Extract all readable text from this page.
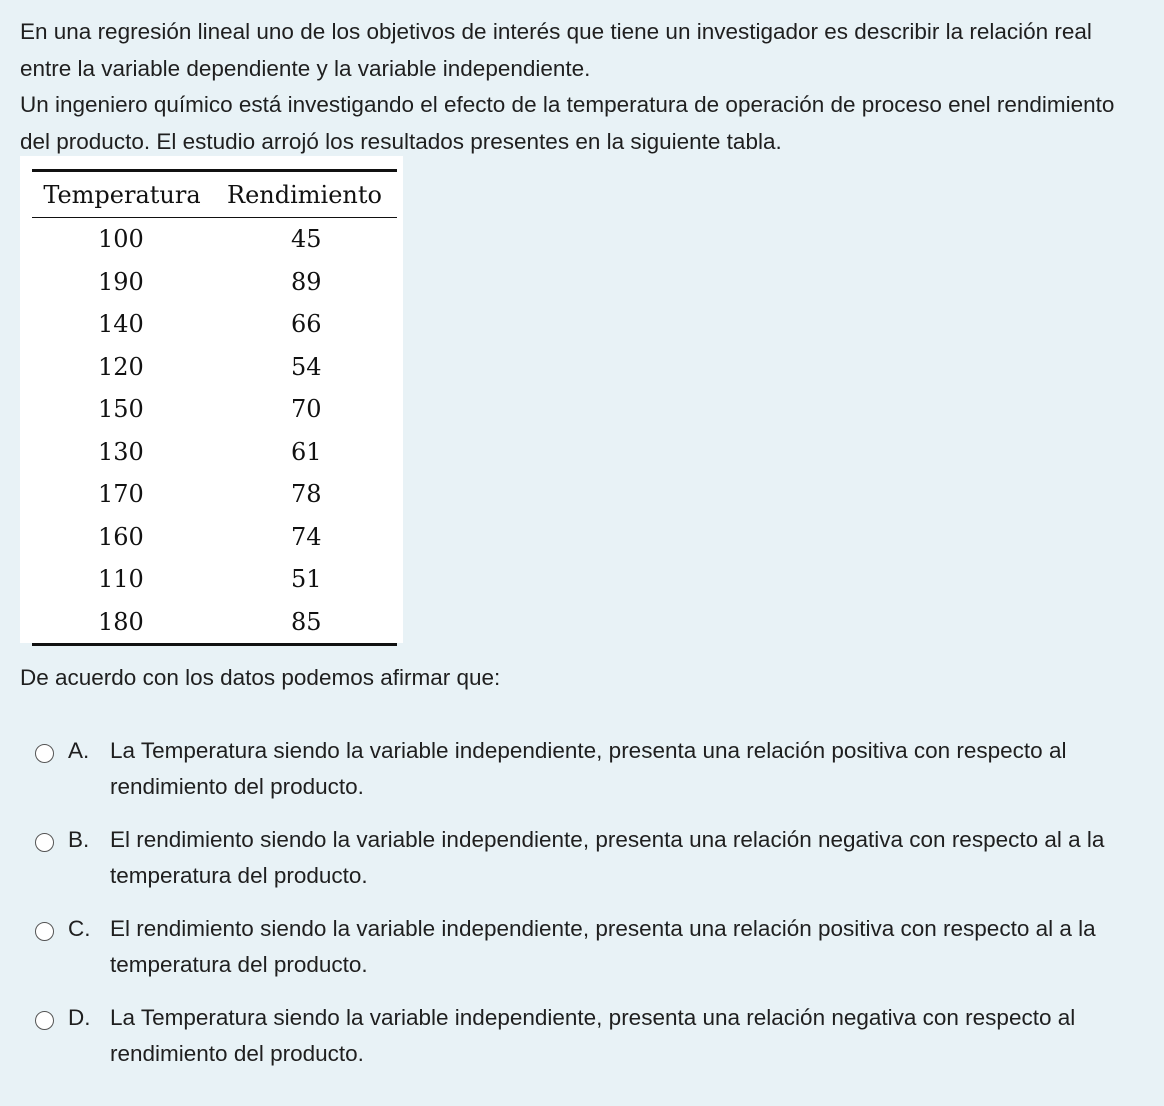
En una regresión lineal uno de los objetivos de interés que tiene un investigador es describir la relación real

entre la variable dependiente y la variable independiente.

Un ingeniero químico está investigando el efecto de la temperatura de operación de proceso enel rendimiento

del producto. El estudio arrojó los resultados presentes en la siguiente tabla.

Temperatura	Rendimiento
100	45
190	89
140	66
120	54
150	70
130	61
170	78
160	74
110	51
180	85
De acuerdo con los datos podemos afirmar que:
A. La Temperatura siendo la variable independiente, presenta una relación positiva con respecto al
rendimiento del producto.
B. El rendimiento siendo la variable independiente, presenta una relación negativa con respecto al a la
temperatura del producto.
C. El rendimiento siendo la variable independiente, presenta una relación positiva con respecto al a la
temperatura del producto.
D. La Temperatura siendo la variable independiente, presenta una relación negativa con respecto al
rendimiento del producto.
